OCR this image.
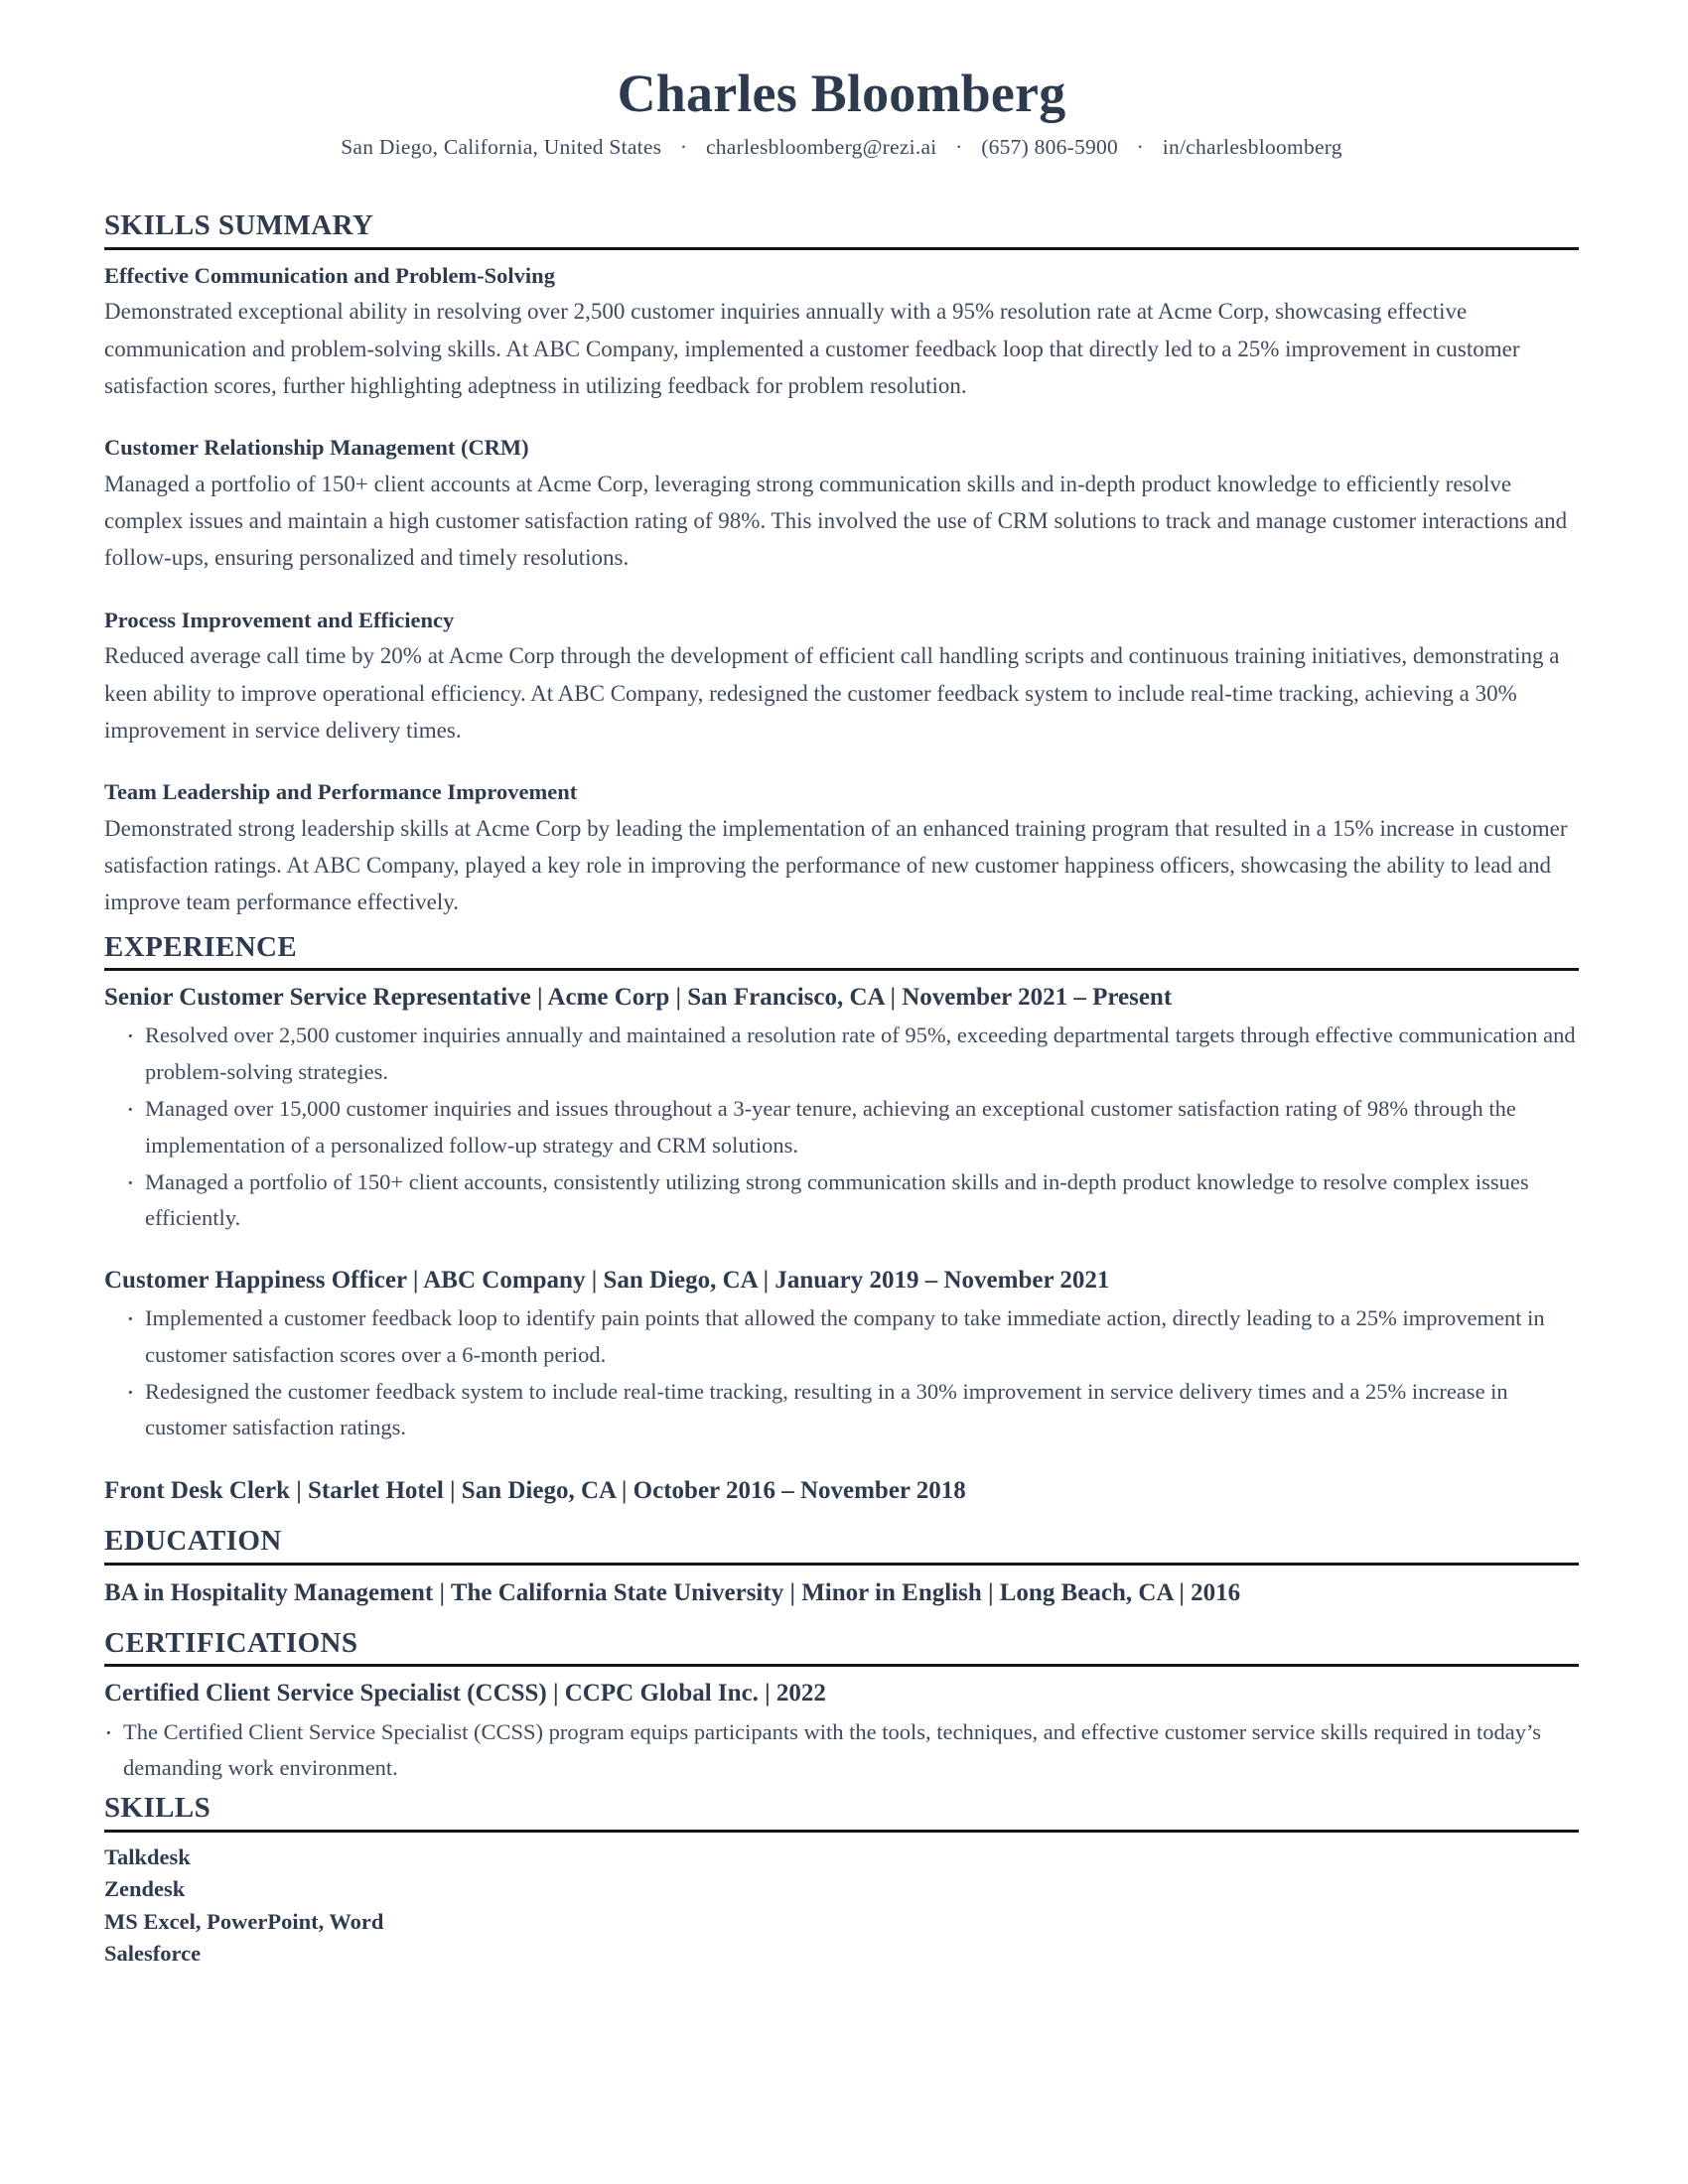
Charles Bloomberg
San Diego, California, United States · charlesbloomberg@rezi.ai · (657) 806-5900 · in/charlesbloomberg
SKILLS SUMMARY
Effective Communication and Problem-Solving

Demonstrated exceptional ability in resolving over 2,500 customer inquiries annually with a 95% resolution rate at Acme Corp, showcasing effective communication and problem-solving skills. At ABC Company, implemented a customer feedback loop that directly led to a 25% improvement in customer satisfaction scores, further highlighting adeptness in utilizing feedback for problem resolution.

Customer Relationship Management (CRM)

Managed a portfolio of 150+ client accounts at Acme Corp, leveraging strong communication skills and in-depth product knowledge to efficiently resolve complex issues and maintain a high customer satisfaction rating of 98%. This involved the use of CRM solutions to track and manage customer interactions and follow-ups, ensuring personalized and timely resolutions.

Process Improvement and Efficiency

Reduced average call time by 20% at Acme Corp through the development of efficient call handling scripts and continuous training initiatives, demonstrating a keen ability to improve operational efficiency. At ABC Company, redesigned the customer feedback system to include real-time tracking, achieving a 30% improvement in service delivery times.

Team Leadership and Performance Improvement

Demonstrated strong leadership skills at Acme Corp by leading the implementation of an enhanced training program that resulted in a 15% increase in customer satisfaction ratings. At ABC Company, played a key role in improving the performance of new customer happiness officers, showcasing the ability to lead and improve team performance effectively.

EXPERIENCE
Senior Customer Service Representative | Acme Corp | San Francisco, CA | November 2021 – Present
· Resolved over 2,500 customer inquiries annually and maintained a resolution rate of 95%, exceeding departmental targets through effective communication and problem-solving strategies.
· Managed over 15,000 customer inquiries and issues throughout a 3-year tenure, achieving an exceptional customer satisfaction rating of 98% through the implementation of a personalized follow-up strategy and CRM solutions.
· Managed a portfolio of 150+ client accounts, consistently utilizing strong communication skills and in-depth product knowledge to resolve complex issues efficiently.
Customer Happiness Officer | ABC Company | San Diego, CA | January 2019 – November 2021
· Implemented a customer feedback loop to identify pain points that allowed the company to take immediate action, directly leading to a 25% improvement in customer satisfaction scores over a 6-month period.
· Redesigned the customer feedback system to include real-time tracking, resulting in a 30% improvement in service delivery times and a 25% increase in customer satisfaction ratings.
Front Desk Clerk | Starlet Hotel | San Diego, CA | October 2016 – November 2018
EDUCATION
BA in Hospitality Management | The California State University | Minor in English | Long Beach, CA | 2016
CERTIFICATIONS
Certified Client Service Specialist (CCSS) | CCPC Global Inc. | 2022
· The Certified Client Service Specialist (CCSS) program equips participants with the tools, techniques, and effective customer service skills required in today’s demanding work environment.
SKILLS
Talkdesk
Zendesk
MS Excel, PowerPoint, Word
Salesforce
